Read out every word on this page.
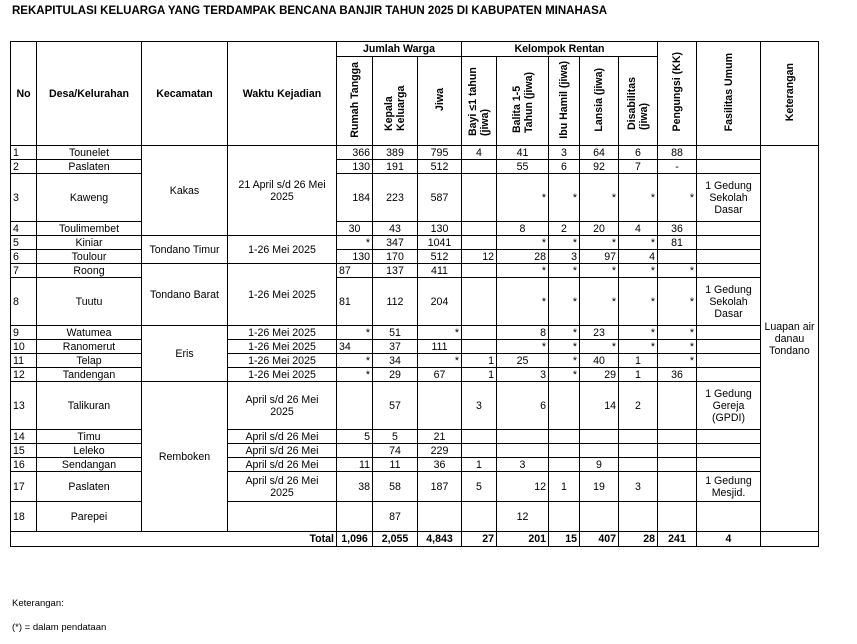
REKAPITULASI KELUARGA YANG TERDAMPAK BENCANA BANJIR TAHUN 2025 DI KABUPATEN MINAHASA
No	Desa/Kelurahan	Kecamatan	Waktu Kejadian	Jumlah Warga			Kelompok Rentan					Pengungsi (KK)	Fasilitas Umum	Keterangan
				Rumah Tangga	Kepala Keluarga	Jiwa	Bayi ≤1 tahun (jiwa)	Balita 1-5 Tahun (jiwa)	Ibu Hamil (jiwa)	Lansia (jiwa)	Disabilitas (jiwa)			
1	Tounelet	Kakas	21 April s/d 26 Mei 2025	366	389	795	4	41	3	64	6	88		Luapan air danau Tondano
2	Paslaten			130	191	512		55	6	92	7	-		
3	Kaweng			184	223	587		*	*	*	*	*	1 Gedung Sekolah Dasar	
4	Toulimembet			30	43	130		8	2	20	4	36		
5	Kiniar	Tondano Timur	1-26 Mei 2025	*	347	1041		*	*	*	*	81		
6	Toulour			130	170	512	12	28	3	97	4			
7	Roong	Tondano Barat	1-26 Mei 2025	87	137	411		*	*	*	*	*		
8	Tuutu			81	112	204		*	*	*	*	*	1 Gedung Sekolah Dasar	
9	Watumea	Eris	1-26 Mei 2025	*	51	*		8	*	23	*	*		
10	Ranomerut		1-26 Mei 2025	34	37	111		*	*	*	*	*		
11	Telap		1-26 Mei 2025	*	34	*	1	25	*	40	1	*		
12	Tandengan		1-26 Mei 2025	*	29	67	1	3	*	29	1	36		
13	Talikuran	Remboken	April s/d 26 Mei 2025		57		3	6		14	2		1 Gedung Gereja (GPDI)	
14	Timu		April s/d 26 Mei	5	5	21								
15	Leleko		April s/d 26 Mei		74	229								
16	Sendangan		April s/d 26 Mei	11	11	36	1	3		9				
17	Paslaten		April s/d 26 Mei 2025	38	58	187	5	12	1	19	3		1 Gedung Mesjid.	
18	Parepei				87			12						
Total				1,096	2,055	4,843	27	201	15	407	28	241	4	
Keterangan:
(*) = dalam pendataan
